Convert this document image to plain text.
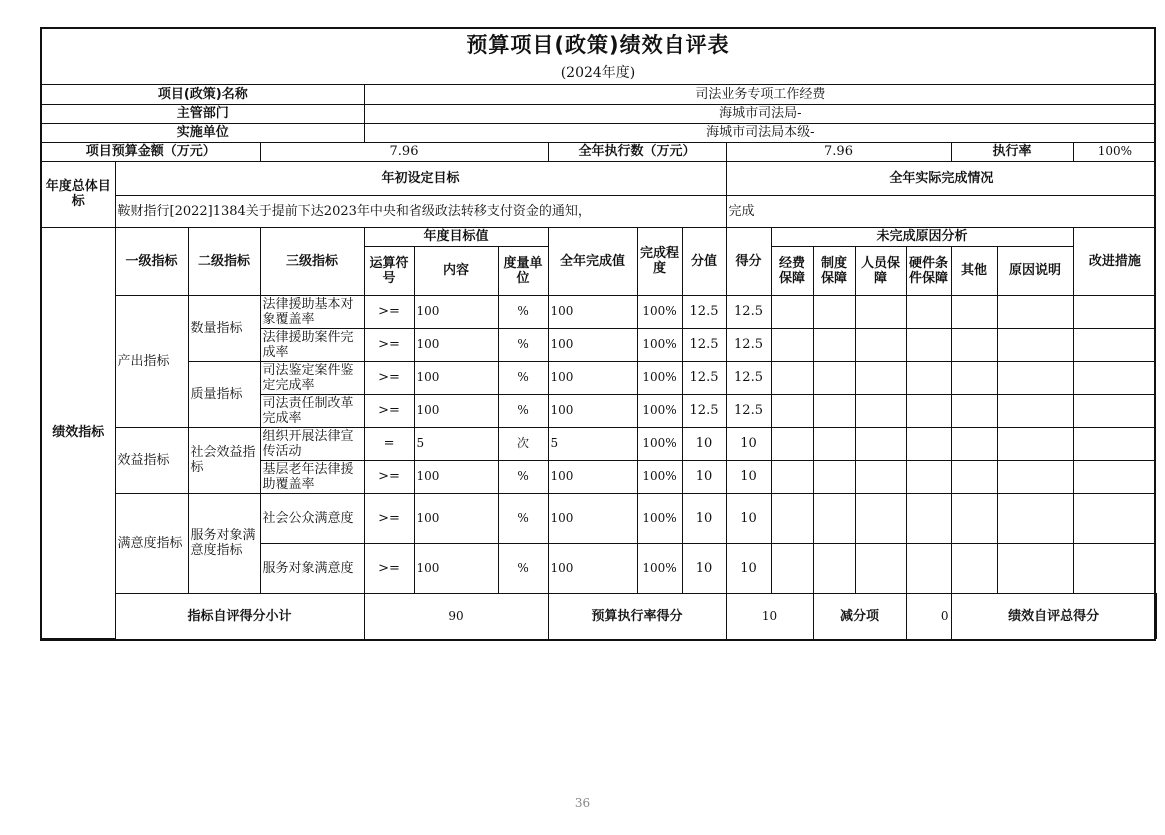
预算项目(政策)绩效自评表
(2024年度)
项目(政策)名称				司法业务专项工作经费														
主管部门				海城市司法局-														
实施单位				海城市司法局本级-														
项目预算金额（万元）			7.96				全年执行数（万元）			7.96					执行率		100%	
年度总体目标	年初设定目标									全年实际完成情况								
	鞍财指行[2022]1384关于提前下达2023年中央和省级政法转移支付资金的通知，									完成								
绩效指标	一级指标	二级指标	三级指标	年度目标值			全年完成值	完成程度	分值	得分	未完成原因分析						改进措施	
				运算符号	内容	度量单位					经费保障	制度保障	人员保障	硬件条件保障	其他	原因说明		
	产出指标	数量指标	法律援助基本对象覆盖率	>=	100	%	100	100%	12.5	12.5								
			法律援助案件完成率	>=	100	%	100	100%	12.5	12.5								
		质量指标	司法鉴定案件鉴定完成率	>=	100	%	100	100%	12.5	12.5								
			司法责任制改革完成率	>=	100	%	100	100%	12.5	12.5								
	效益指标	社会效益指标	组织开展法律宣传活动	=	5	次	5	100%	10	10								
			基层老年法律援助覆盖率	>=	100	%	100	100%	10	10								
	满意度指标	服务对象满意度指标	社会公众满意度	>=	100	%	100	100%	10	10								
			服务对象满意度	>=	100	%	100	100%	10	10								
	指标自评得分小计			90			预算执行率得分			10		减分项		0	绩效自评总得分	
36
